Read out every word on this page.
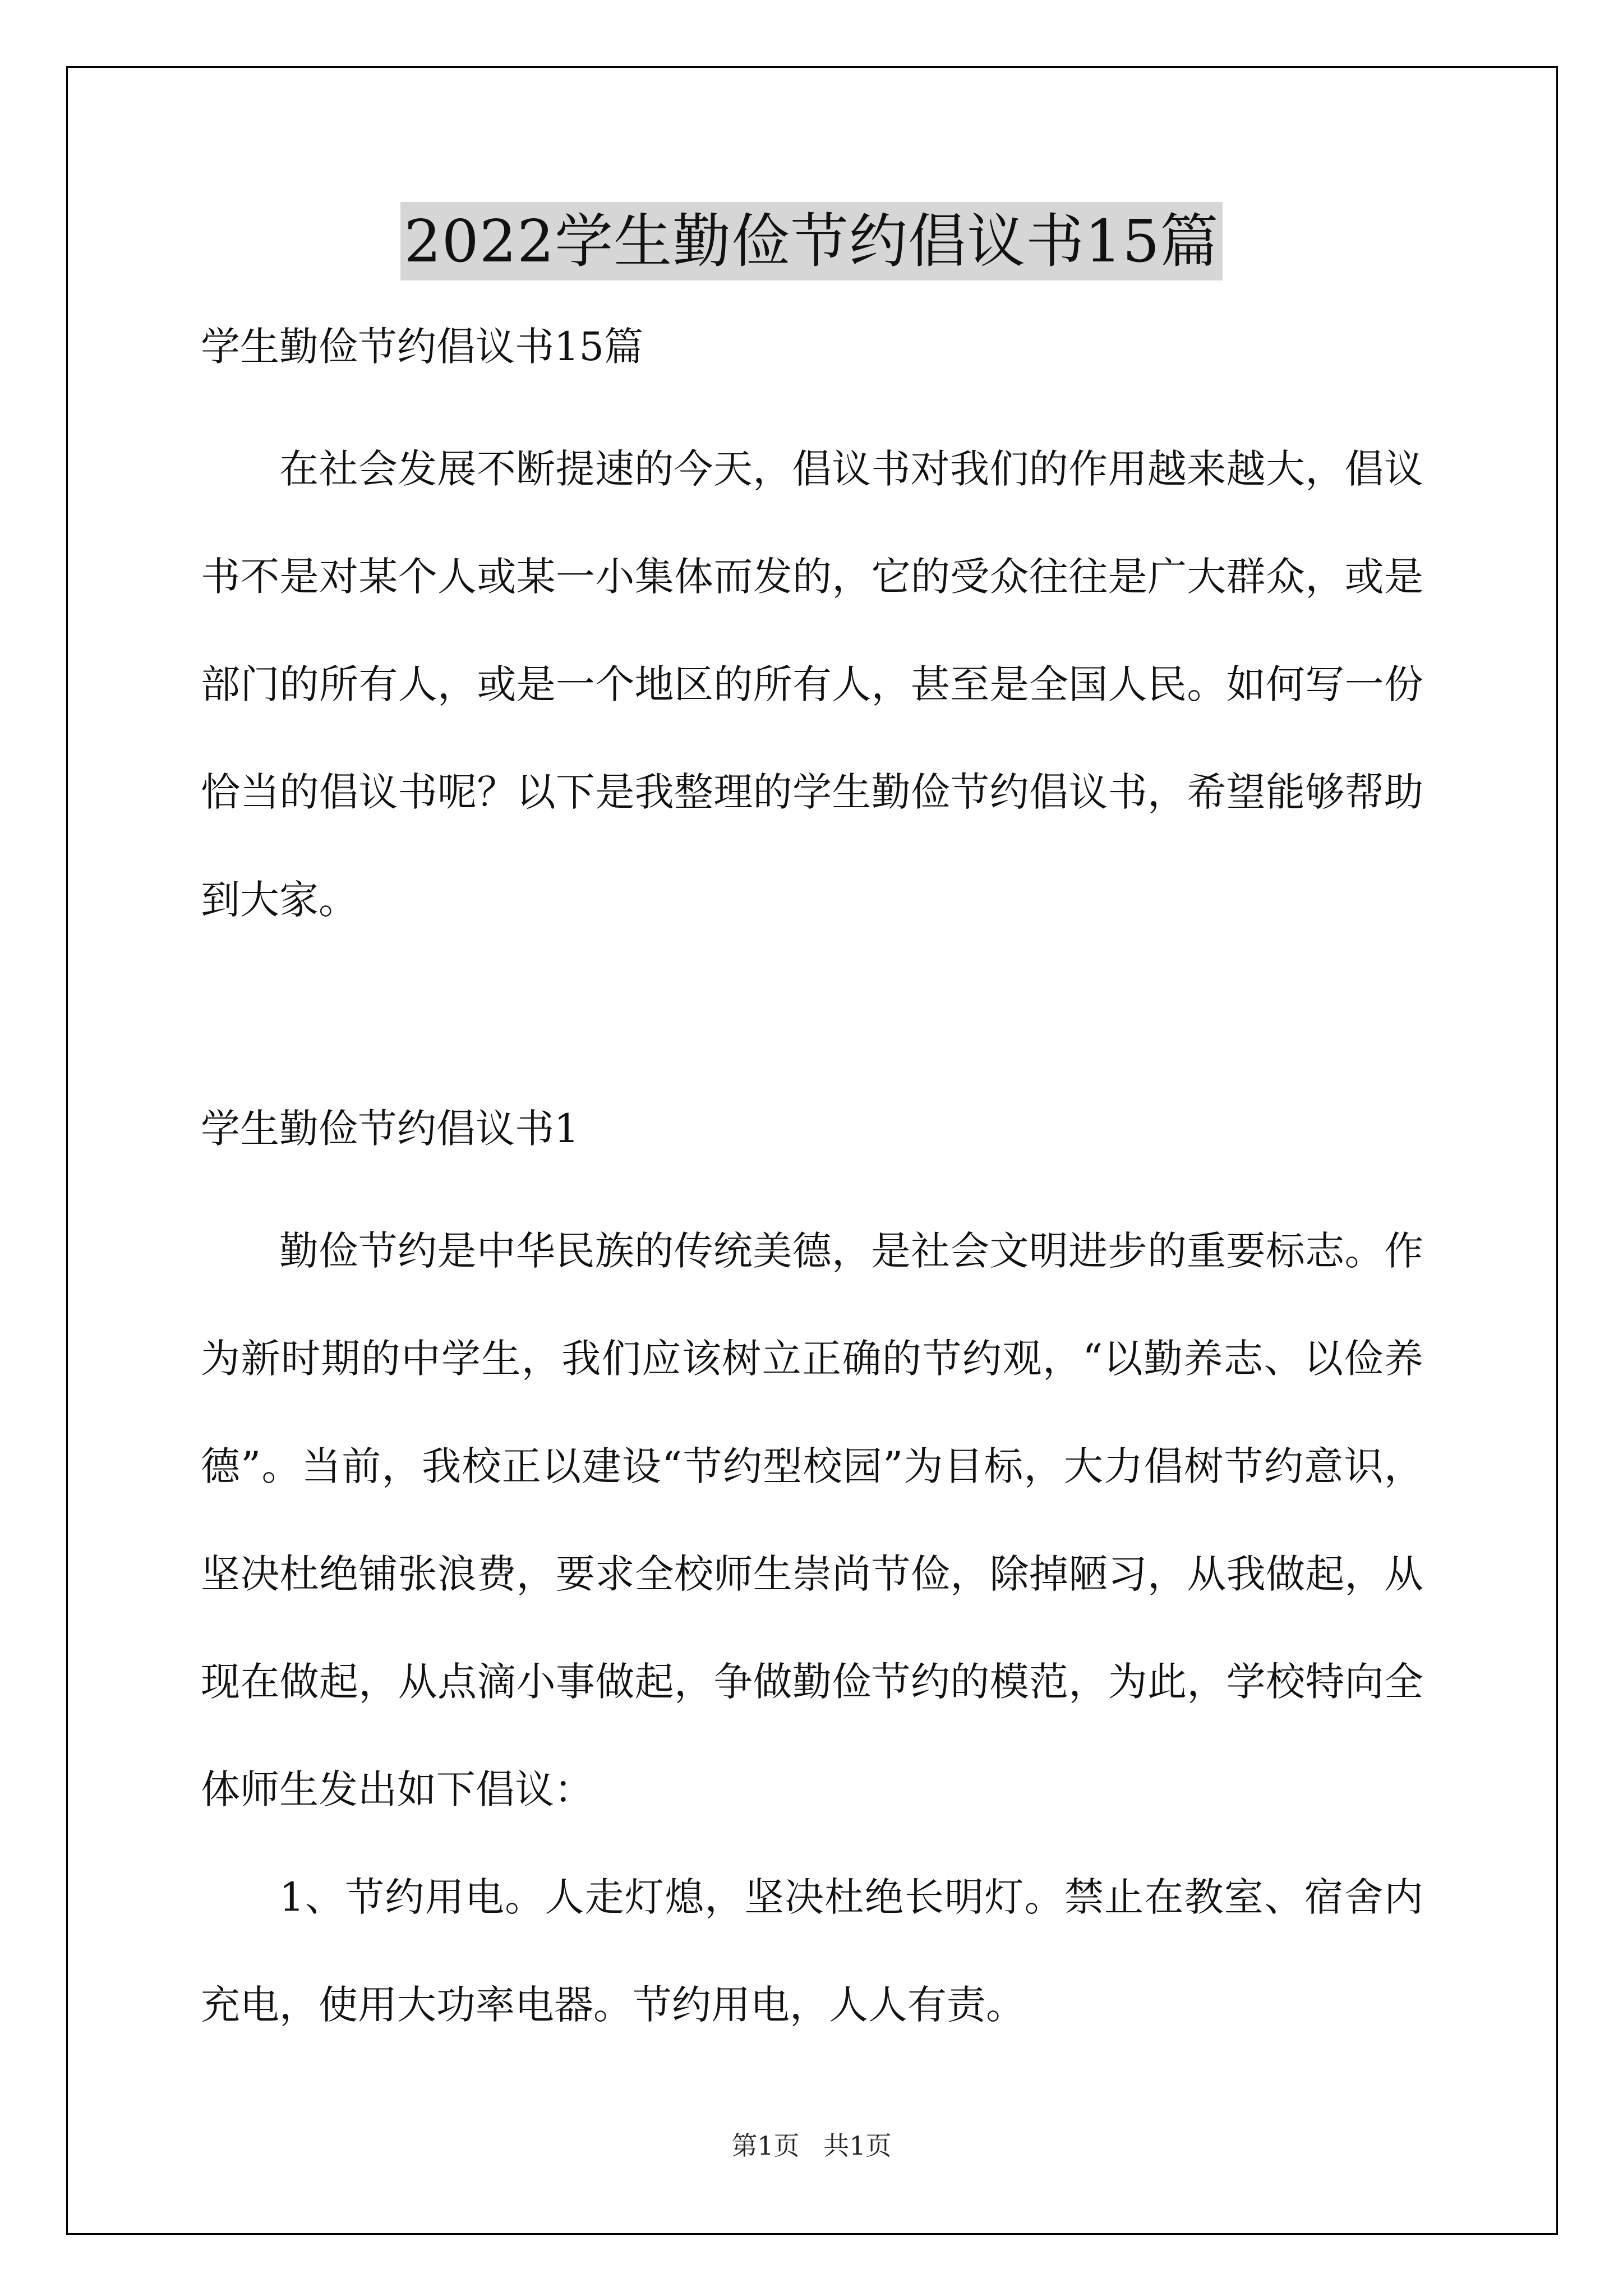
2022学生勤俭节约倡议书15篇

学生勤俭节约倡议书15篇

在社会发展不断提速的今天，倡议书对我们的作用越来越大，倡议书不是对某个人或某一小集体而发的，它的受众往往是广大群众，或是部门的所有人，或是一个地区的所有人，甚至是全国人民。如何写一份恰当的倡议书呢？以下是我整理的学生勤俭节约倡议书，希望能够帮助到大家。

学生勤俭节约倡议书1

勤俭节约是中华民族的传统美德，是社会文明进步的重要标志。作为新时期的中学生，我们应该树立正确的节约观，“以勤养志、以俭养德”。当前，我校正以建设“节约型校园”为目标，大力倡树节约意识，坚决杜绝铺张浪费，要求全校师生崇尚节俭，除掉陋习，从我做起，从现在做起，从点滴小事做起，争做勤俭节约的模范，为此，学校特向全体师生发出如下倡议：

1、节约用电。人走灯熄，坚决杜绝长明灯。禁止在教室、宿舍内充电，使用大功率电器。节约用电，人人有责。

第1页 共1页
